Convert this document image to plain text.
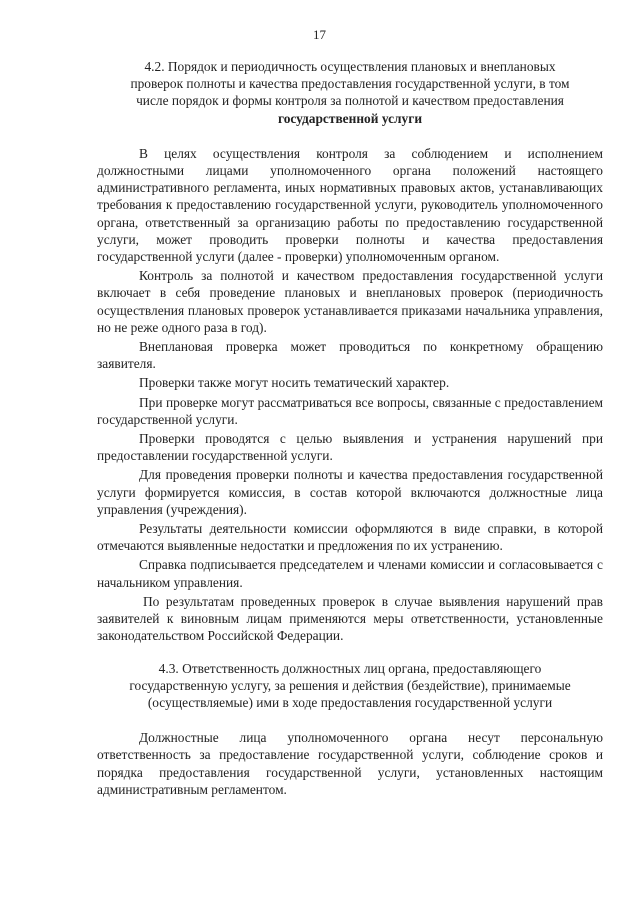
17
4.2. Порядок и периодичность осуществления плановых и внеплановых
проверок полноты и качества предоставления государственной услуги, в том
числе порядок и формы контроля за полнотой и качеством предоставления
государственной услуги

В целях осуществления контроля за соблюдением и исполнением должностными лицами уполномоченного органа положений настоящего административного регламента, иных нормативных правовых актов, устанавливающих требования к предоставлению государственной услуги, руководитель уполномоченного органа, ответственный за организацию работы по предоставлению государственной услуги, может проводить проверки полноты и качества предоставления государственной услуги (далее - проверки) уполномоченным органом.

Контроль за полнотой и качеством предоставления государственной услуги включает в себя проведение плановых и внеплановых проверок (периодичность осуществления плановых проверок устанавливается приказами начальника управления, но не реже одного раза в год).

Внеплановая проверка может проводиться по конкретному обращению заявителя.

Проверки также могут носить тематический характер.

При проверке могут рассматриваться все вопросы, связанные с предоставлением государственной услуги.

Проверки проводятся с целью выявления и устранения нарушений при предоставлении государственной услуги.

Для проведения проверки полноты и качества предоставления государственной услуги формируется комиссия, в состав которой включаются должностные лица управления (учреждения).

Результаты деятельности комиссии оформляются в виде справки, в которой отмечаются выявленные недостатки и предложения по их устранению.

Справка подписывается председателем и членами комиссии и согласовывается с начальником управления.

По результатам проведенных проверок в случае выявления нарушений прав заявителей к виновным лицам применяются меры ответственности, установленные законодательством Российской Федерации.

4.3. Ответственность должностных лиц органа, предоставляющего
государственную услугу, за решения и действия (бездействие), принимаемые
(осуществляемые) ими в ходе предоставления государственной услуги

Должностные лица уполномоченного органа несут персональную ответственность за предоставление государственной услуги, соблюдение сроков и порядка предоставления государственной услуги, установленных настоящим административным регламентом.
